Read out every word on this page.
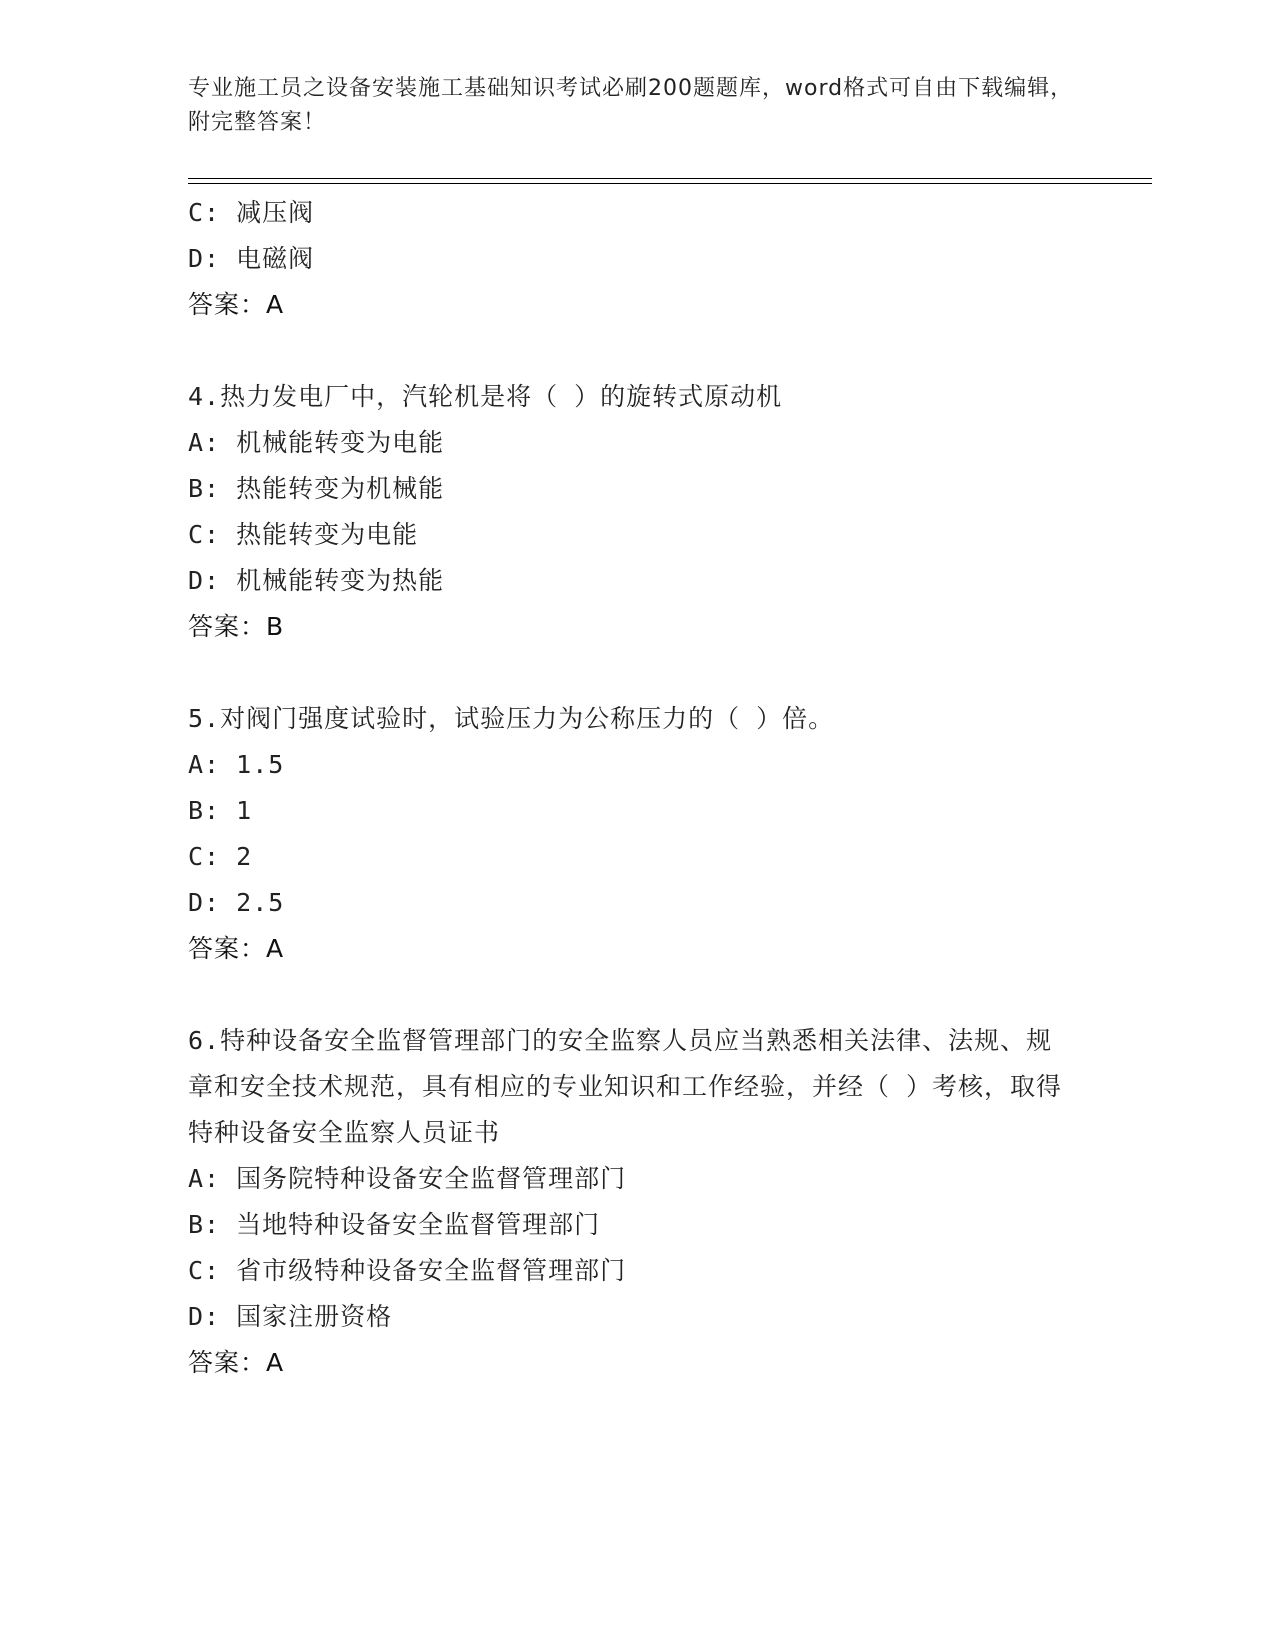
专业施工员之设备安装施工基础知识考试必刷200题题库，word格式可自由下载编辑，附完整答案！
C: 减压阀
D: 电磁阀
答案：A
4.热力发电厂中，汽轮机是将（ ）的旋转式原动机
A: 机械能转变为电能
B: 热能转变为机械能
C: 热能转变为电能
D: 机械能转变为热能
答案：B
5.对阀门强度试验时，试验压力为公称压力的（ ）倍。
A: 1.5
B: 1
C: 2
D: 2.5
答案：A
6.特种设备安全监督管理部门的安全监察人员应当熟悉相关法律、法规、规章和安全技术规范，具有相应的专业知识和工作经验，并经（ ）考核，取得特种设备安全监察人员证书
A: 国务院特种设备安全监督管理部门
B: 当地特种设备安全监督管理部门
C: 省市级特种设备安全监督管理部门
D: 国家注册资格
答案：A
